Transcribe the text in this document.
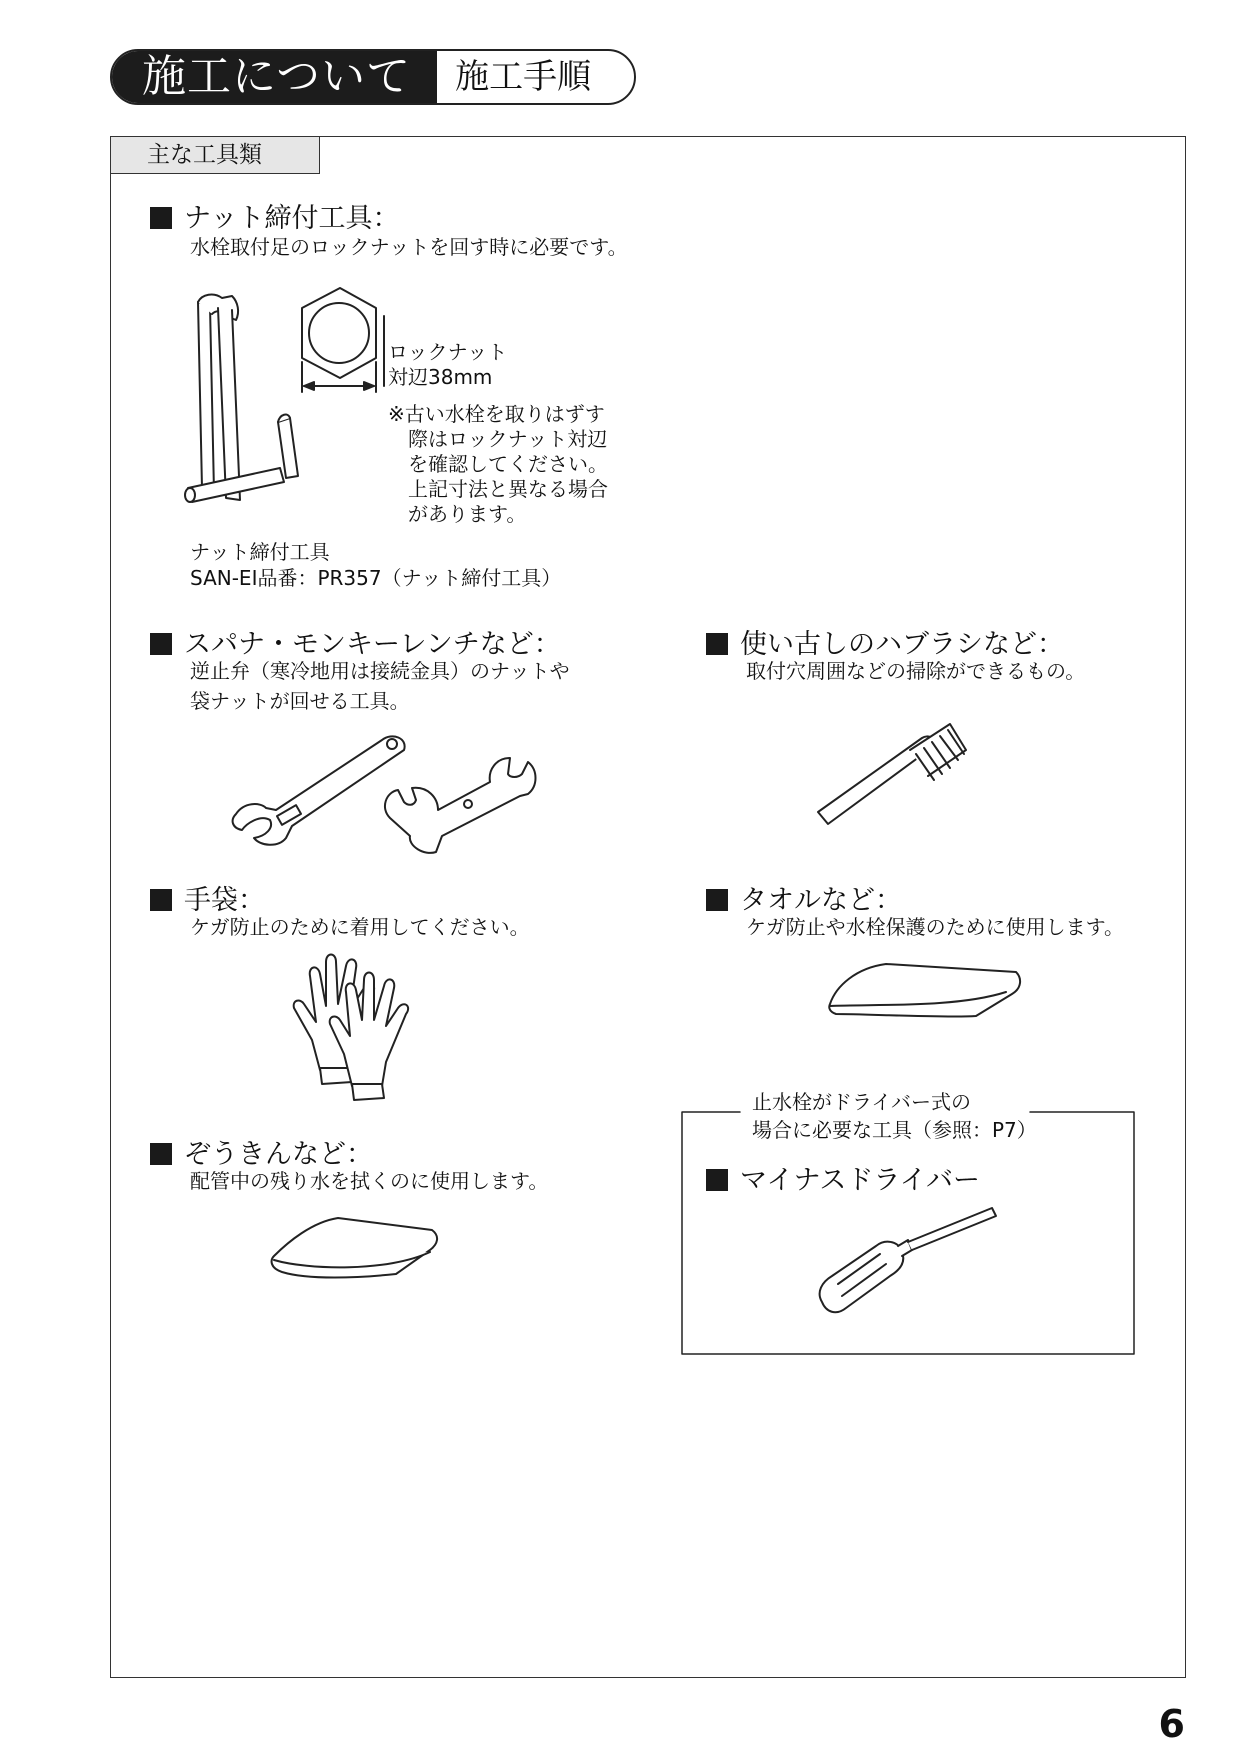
施工について	施工手順
主な工具類
ナット締付工具：
水栓取付足のロックナットを回す時に必要です。
ロックナット
対辺38mm
※古い水栓を取りはずす
　際はロックナット対辺
　を確認してください。
　上記寸法と異なる場合
　があります。
ナット締付工具
SAN-EI品番：PR357（ナット締付工具）
スパナ・モンキーレンチなど：
逆止弁（寒冷地用は接続金具）のナットや
袋ナットが回せる工具。
使い古しのハブラシなど：
取付穴周囲などの掃除ができるもの。
手袋：
ケガ防止のために着用してください。
タオルなど：
ケガ防止や水栓保護のために使用します。
ぞうきんなど：
配管中の残り水を拭くのに使用します。
止水栓がドライバー式の
場合に必要な工具（参照：P7）
マイナスドライバー
6
